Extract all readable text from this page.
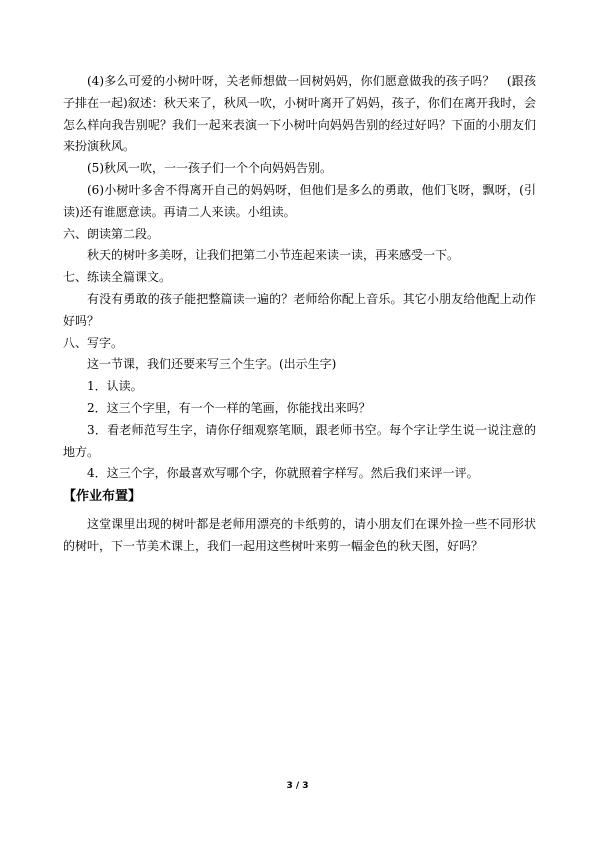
(4)多么可爱的小树叶呀，关老师想做一回树妈妈，你们愿意做我的孩子吗？　(跟孩子排在一起)叙述：秋天来了，秋风一吹，小树叶离开了妈妈，孩子，你们在离开我时，会怎么样向我告别呢？我们一起来表演一下小树叶向妈妈告别的经过好吗？下面的小朋友们来扮演秋风。

(5)秋风一吹，一一孩子们一个个向妈妈告别。

(6)小树叶多舍不得离开自己的妈妈呀，但他们是多么的勇敢，他们飞呀，飘呀，(引读)还有谁愿意读。再请二人来读。小组读。

六、朗读第二段。

秋天的树叶多美呀，让我们把第二小节连起来读一读，再来感受一下。

七、练读全篇课文。

有没有勇敢的孩子能把整篇读一遍的？老师给你配上音乐。其它小朋友给他配上动作好吗？

八、写字。

这一节课，我们还要来写三个生字。(出示生字)

1．认读。

2．这三个字里，有一个一样的笔画，你能找出来吗？

3．看老师范写生字，请你仔细观察笔顺，跟老师书空。每个字让学生说一说注意的地方。

4．这三个字，你最喜欢写哪个字，你就照着字样写。然后我们来评一评。

【作业布置】

这堂课里出现的树叶都是老师用漂亮的卡纸剪的，请小朋友们在课外捡一些不同形状的树叶，下一节美术课上，我们一起用这些树叶来剪一幅金色的秋天图，好吗？

3 / 3
